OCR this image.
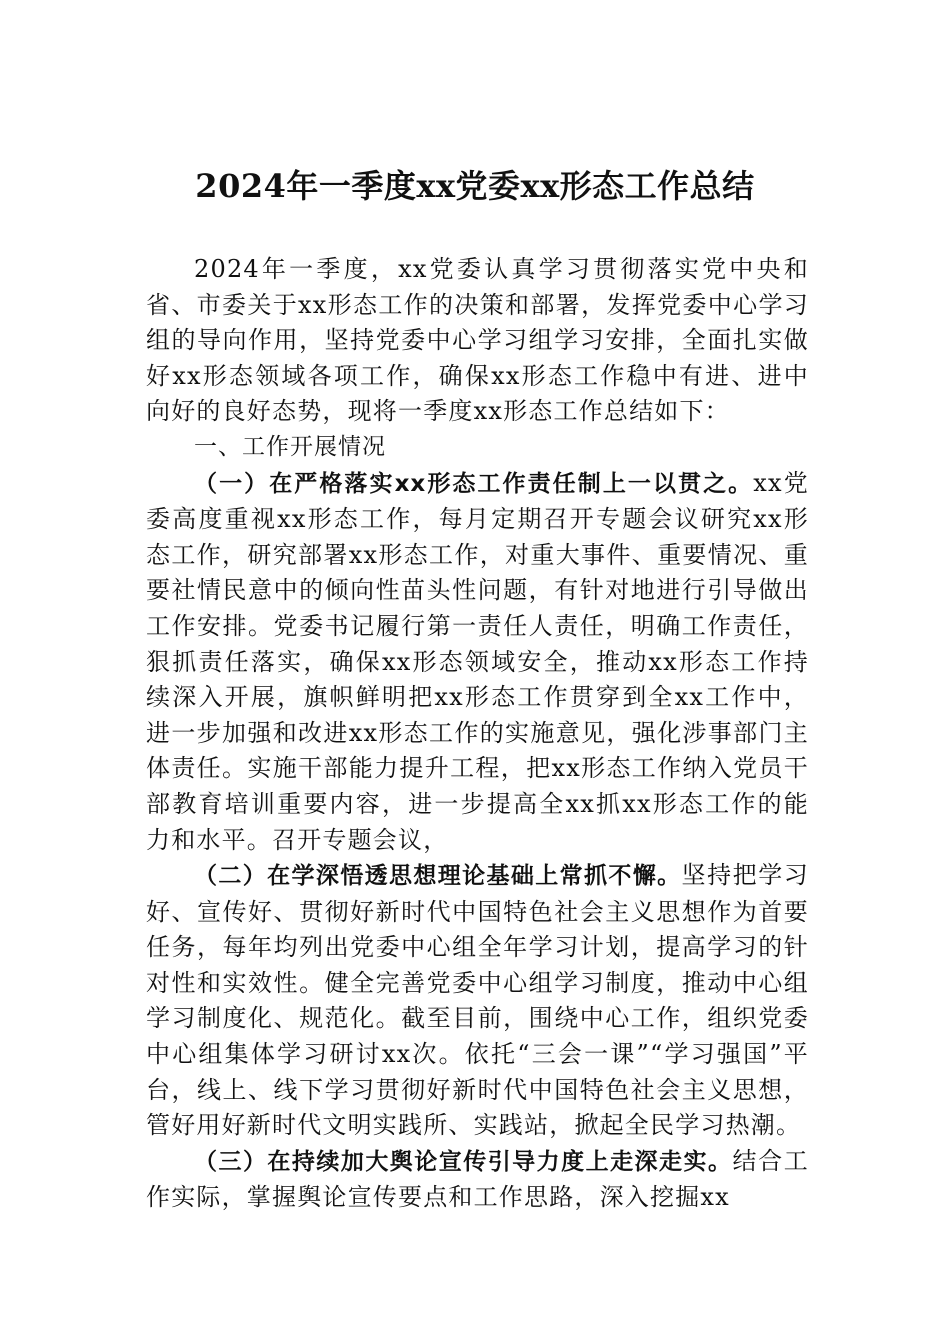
2024年一季度xx党委xx形态工作总结

2024年一季度，xx党委认真学习贯彻落实党中央和省、市委关于xx形态工作的决策和部署，发挥党委中心学习组的导向作用，坚持党委中心学习组学习安排，全面扎实做好xx形态领域各项工作，确保xx形态工作稳中有进、进中向好的良好态势，现将一季度xx形态工作总结如下：

一、工作开展情况

（一）在严格落实xx形态工作责任制上一以贯之。xx党委高度重视xx形态工作，每月定期召开专题会议研究xx形态工作，研究部署xx形态工作，对重大事件、重要情况、重要社情民意中的倾向性苗头性问题，有针对地进行引导做出工作安排。党委书记履行第一责任人责任，明确工作责任，狠抓责任落实，确保xx形态领域安全，推动xx形态工作持续深入开展，旗帜鲜明把xx形态工作贯穿到全xx工作中，进一步加强和改进xx形态工作的实施意见，强化涉事部门主体责任。实施干部能力提升工程，把xx形态工作纳入党员干部教育培训重要内容，进一步提高全xx抓xx形态工作的能力和水平。召开专题会议，

（二）在学深悟透思想理论基础上常抓不懈。坚持把学习好、宣传好、贯彻好新时代中国特色社会主义思想作为首要任务，每年均列出党委中心组全年学习计划，提高学习的针对性和实效性。健全完善党委中心组学习制度，推动中心组学习制度化、规范化。截至目前，围绕中心工作，组织党委中心组集体学习研讨xx次。依托“三会一课”“学习强国”平台，线上、线下学习贯彻好新时代中国特色社会主义思想，管好用好新时代文明实践所、实践站，掀起全民学习热潮。

（三）在持续加大舆论宣传引导力度上走深走实。结合工作实际，掌握舆论宣传要点和工作思路，深入挖掘xx
